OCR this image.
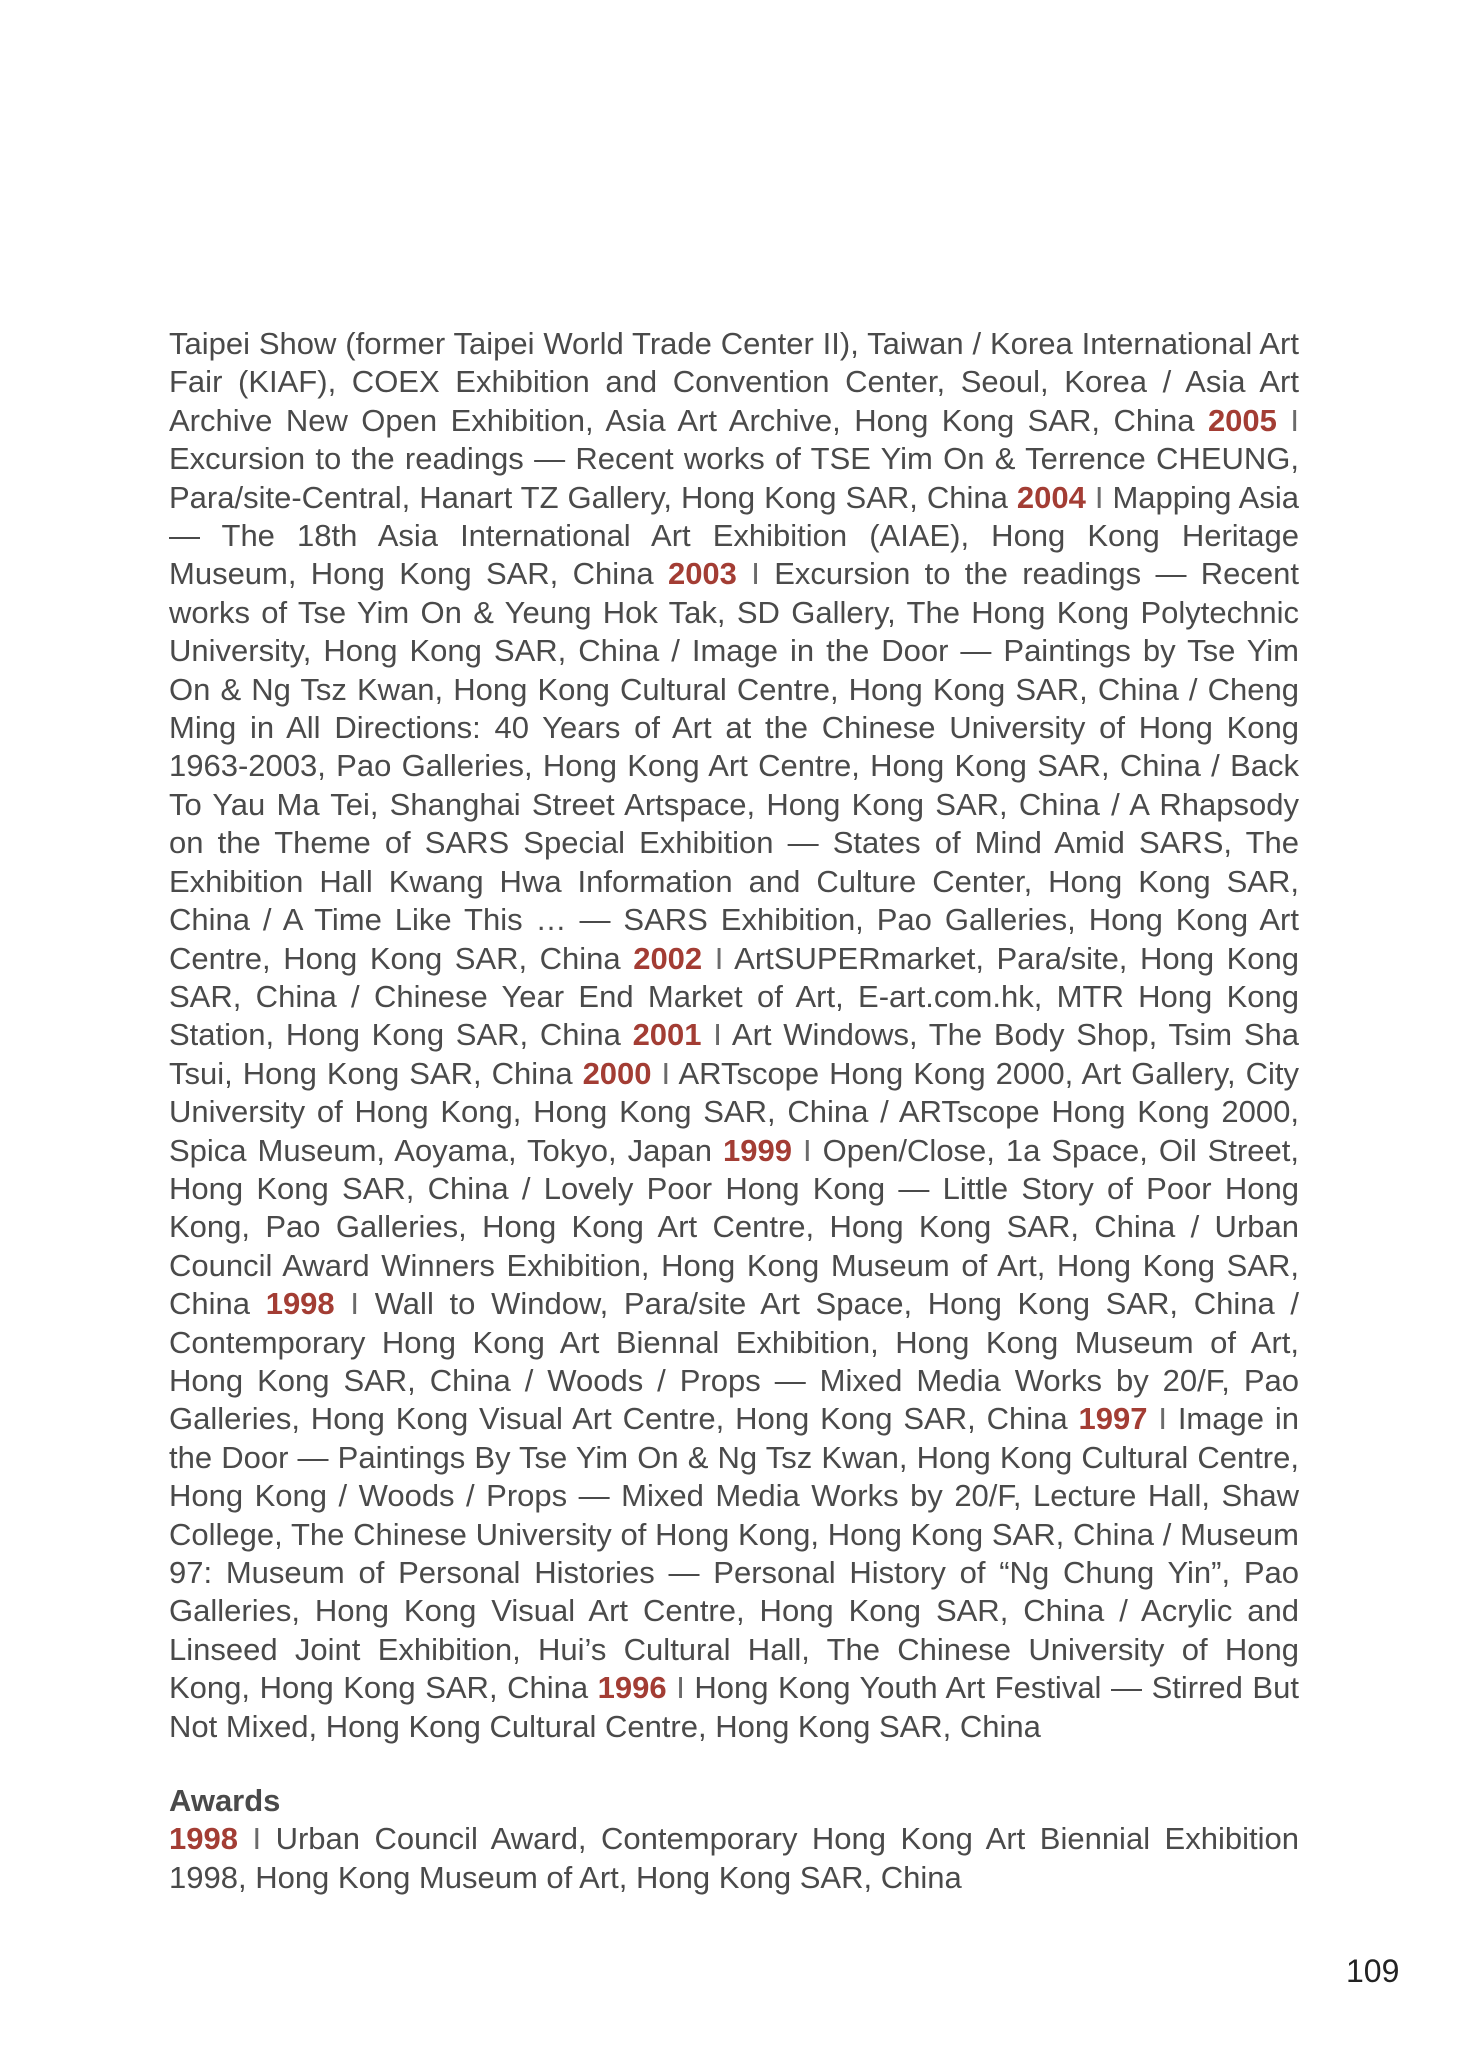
Taipei Show (former Taipei World Trade Center II), Taiwan / Korea International Art Fair (KIAF), COEX Exhibition and Convention Center, Seoul, Korea / Asia Art Archive New Open Exhibition, Asia Art Archive, Hong Kong SAR, China 2005 I Excursion to the readings — Recent works of TSE Yim On & Terrence CHEUNG, Para/site-Central, Hanart TZ Gallery, Hong Kong SAR, China 2004 I Mapping Asia — The 18th Asia International Art Exhibition (AIAE), Hong Kong Heritage Museum, Hong Kong SAR, China 2003 I Excursion to the readings — Recent works of Tse Yim On & Yeung Hok Tak, SD Gallery, The Hong Kong Polytechnic University, Hong Kong SAR, China / Image in the Door — Paintings by Tse Yim On & Ng Tsz Kwan, Hong Kong Cultural Centre, Hong Kong SAR, China / Cheng Ming in All Directions: 40 Years of Art at the Chinese University of Hong Kong 1963-2003, Pao Galleries, Hong Kong Art Centre, Hong Kong SAR, China / Back To Yau Ma Tei, Shanghai Street Artspace, Hong Kong SAR, China / A Rhapsody on the Theme of SARS Special Exhibition — States of Mind Amid SARS, The Exhibition Hall Kwang Hwa Information and Culture Center, Hong Kong SAR, China / A Time Like This … — SARS Exhibition, Pao Galleries, Hong Kong Art Centre, Hong Kong SAR, China 2002 I ArtSUPERmarket, Para/site, Hong Kong SAR, China / Chinese Year End Market of Art, E-art.com.hk, MTR Hong Kong Station, Hong Kong SAR, China 2001 I Art Windows, The Body Shop, Tsim Sha Tsui, Hong Kong SAR, China 2000 I ARTscope Hong Kong 2000, Art Gallery, City University of Hong Kong, Hong Kong SAR, China / ARTscope Hong Kong 2000, Spica Museum, Aoyama, Tokyo, Japan 1999 I Open/Close, 1a Space, Oil Street, Hong Kong SAR, China / Lovely Poor Hong Kong — Little Story of Poor Hong Kong, Pao Galleries, Hong Kong Art Centre, Hong Kong SAR, China / Urban Council Award Winners Exhibition, Hong Kong Museum of Art, Hong Kong SAR, China 1998 I Wall to Window, Para/site Art Space, Hong Kong SAR, China / Contemporary Hong Kong Art Biennal Exhibition, Hong Kong Museum of Art, Hong Kong SAR, China / Woods / Props — Mixed Media Works by 20/F, Pao Galleries, Hong Kong Visual Art Centre, Hong Kong SAR, China 1997 I Image in the Door — Paintings By Tse Yim On & Ng Tsz Kwan, Hong Kong Cultural Centre, Hong Kong / Woods / Props — Mixed Media Works by 20/F, Lecture Hall, Shaw College, The Chinese University of Hong Kong, Hong Kong SAR, China / Museum 97: Museum of Personal Histories — Personal History of “Ng Chung Yin”, Pao Galleries, Hong Kong Visual Art Centre, Hong Kong SAR, China / Acrylic and Linseed Joint Exhibition, Hui’s Cultural Hall, The Chinese University of Hong Kong, Hong Kong SAR, China 1996 I Hong Kong Youth Art Festival — Stirred But Not Mixed, Hong Kong Cultural Centre, Hong Kong SAR, China

Awards

1998 I Urban Council Award, Contemporary Hong Kong Art Biennial Exhibition 1998, Hong Kong Museum of Art, Hong Kong SAR, China

109
